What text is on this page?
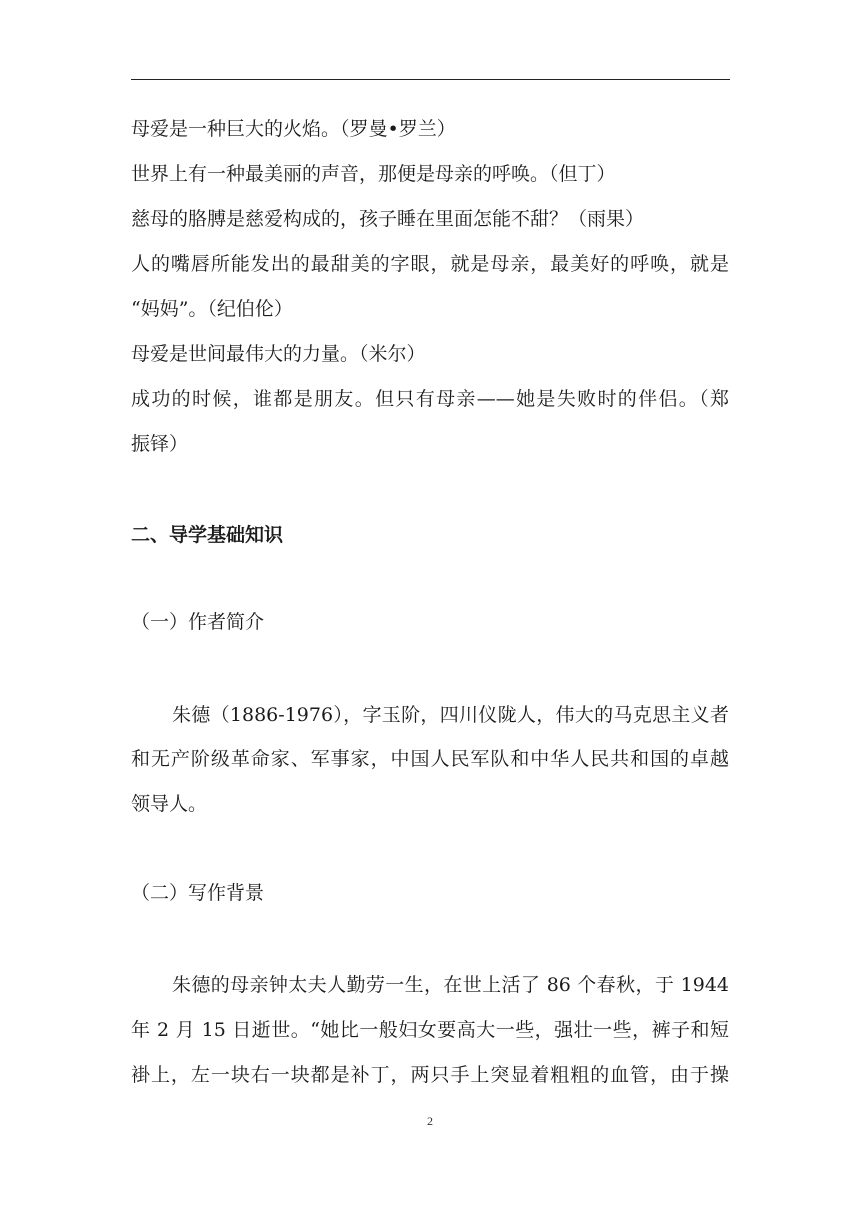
母爱是一种巨大的火焰。（罗曼•罗兰）
世界上有一种最美丽的声音，那便是母亲的呼唤。（但丁）
慈母的胳膊是慈爱构成的，孩子睡在里面怎能不甜？（雨果）
人的嘴唇所能发出的最甜美的字眼，就是母亲，最美好的呼唤，就是
“妈妈”。（纪伯伦）
母爱是世间最伟大的力量。（米尔）
成功的时候，谁都是朋友。但只有母亲——她是失败时的伴侣。（郑
振铎）
二、导学基础知识
（一）作者简介
朱德（1886-1976），字玉阶，四川仪陇人，伟大的马克思主义者
和无产阶级革命家、军事家，中国人民军队和中华人民共和国的卓越
领导人。
（二）写作背景
朱德的母亲钟太夫人勤劳一生，在世上活了 86 个春秋，于 1944
年 2 月 15 日逝世。“她比一般妇女要高大一些，强壮一些，裤子和短
褂上，左一块右一块都是补丁，两只手上突显着粗粗的血管，由于操
2
